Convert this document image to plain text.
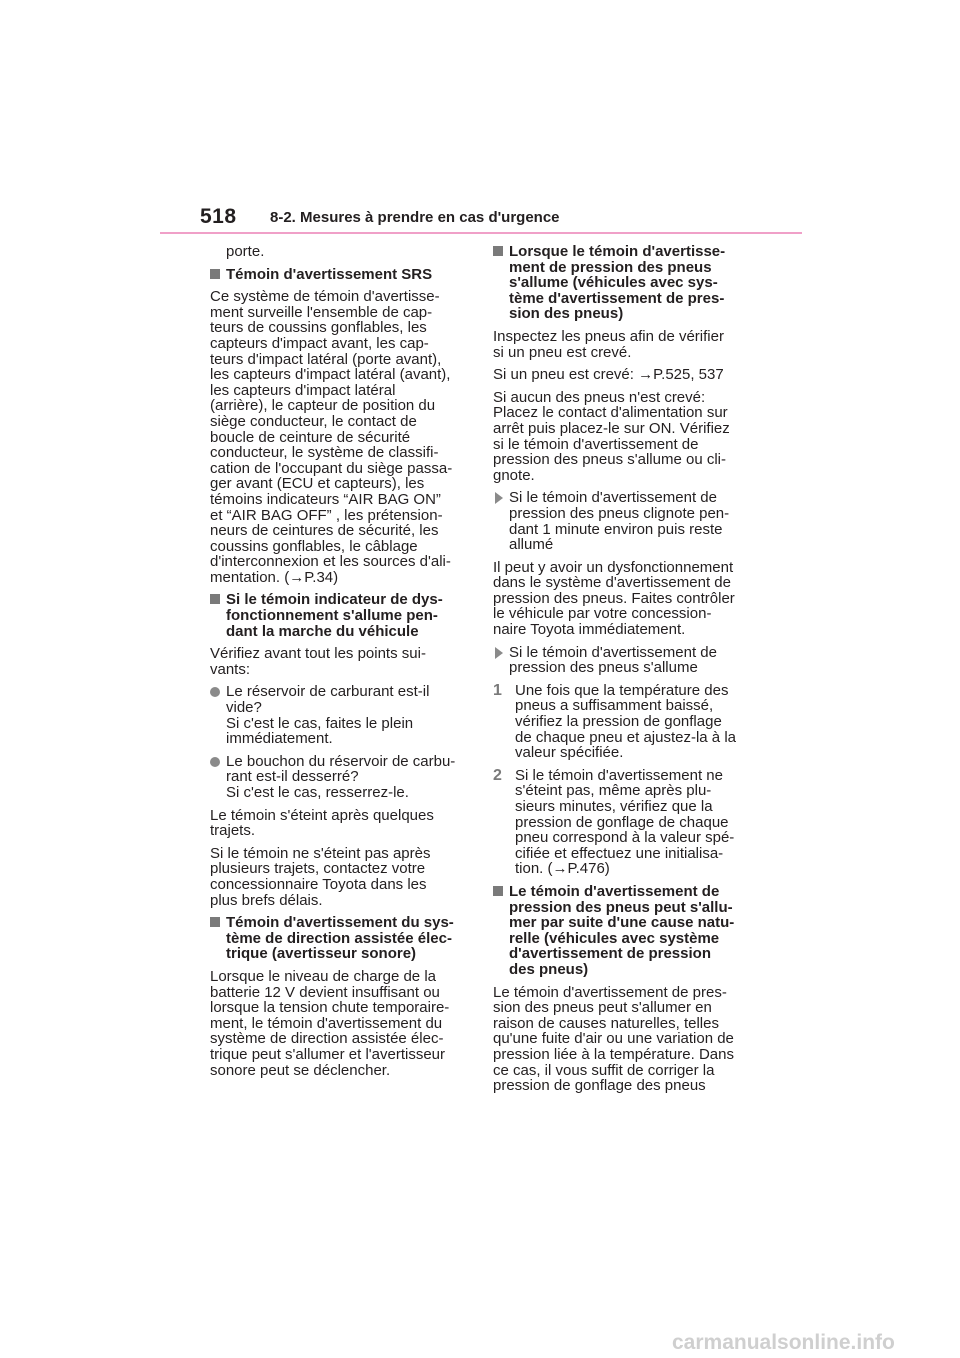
518 8-2. Mesures à prendre en cas d'urgence
porte.
Témoin d'avertissement SRS
Ce système de témoin d'avertisse-
ment surveille l'ensemble de cap-
teurs de coussins gonflables, les
capteurs d'impact avant, les cap-
teurs d'impact latéral (porte avant),
les capteurs d'impact latéral (avant),
les capteurs d'impact latéral
(arrière), le capteur de position du
siège conducteur, le contact de
boucle de ceinture de sécurité
conducteur, le système de classifi-
cation de l'occupant du siège passa-
ger avant (ECU et capteurs), les
témoins indicateurs “AIR BAG ON”
et “AIR BAG OFF” , les prétension-
neurs de ceintures de sécurité, les
coussins gonflables, le câblage
d'interconnexion et les sources d'ali-
mentation. (→P.34)
Si le témoin indicateur de dys-
fonctionnement s'allume pen-
dant la marche du véhicule
Vérifiez avant tout les points sui-
vants:
Le réservoir de carburant est-il
vide?
Si c'est le cas, faites le plein
immédiatement.
Le bouchon du réservoir de carbu-
rant est-il desserré?
Si c'est le cas, resserrez-le.
Le témoin s'éteint après quelques
trajets.
Si le témoin ne s'éteint pas après
plusieurs trajets, contactez votre
concessionnaire Toyota dans les
plus brefs délais.
Témoin d'avertissement du sys-
tème de direction assistée élec-
trique (avertisseur sonore)
Lorsque le niveau de charge de la
batterie 12 V devient insuffisant ou
lorsque la tension chute temporaire-
ment, le témoin d'avertissement du
système de direction assistée élec-
trique peut s'allumer et l'avertisseur
sonore peut se déclencher.
Lorsque le témoin d'avertisse-
ment de pression des pneus
s'allume (véhicules avec sys-
tème d'avertissement de pres-
sion des pneus)
Inspectez les pneus afin de vérifier
si un pneu est crevé.
Si un pneu est crevé: →P.525, 537
Si aucun des pneus n'est crevé:
Placez le contact d'alimentation sur
arrêt puis placez-le sur ON. Vérifiez
si le témoin d'avertissement de
pression des pneus s'allume ou cli-
gnote.
Si le témoin d'avertissement de
pression des pneus clignote pen-
dant 1 minute environ puis reste
allumé
Il peut y avoir un dysfonctionnement
dans le système d'avertissement de
pression des pneus. Faites contrôler
le véhicule par votre concession-
naire Toyota immédiatement.
Si le témoin d'avertissement de
pression des pneus s'allume
1 Une fois que la température des
pneus a suffisamment baissé,
vérifiez la pression de gonflage
de chaque pneu et ajustez-la à la
valeur spécifiée.
2 Si le témoin d'avertissement ne
s'éteint pas, même après plu-
sieurs minutes, vérifiez que la
pression de gonflage de chaque
pneu correspond à la valeur spé-
cifiée et effectuez une initialisa-
tion. (→P.476)
Le témoin d'avertissement de
pression des pneus peut s'allu-
mer par suite d'une cause natu-
relle (véhicules avec système
d'avertissement de pression
des pneus)
Le témoin d'avertissement de pres-
sion des pneus peut s'allumer en
raison de causes naturelles, telles
qu'une fuite d'air ou une variation de
pression liée à la température. Dans
ce cas, il vous suffit de corriger la
pression de gonflage des pneus
carmanualsonline.info
